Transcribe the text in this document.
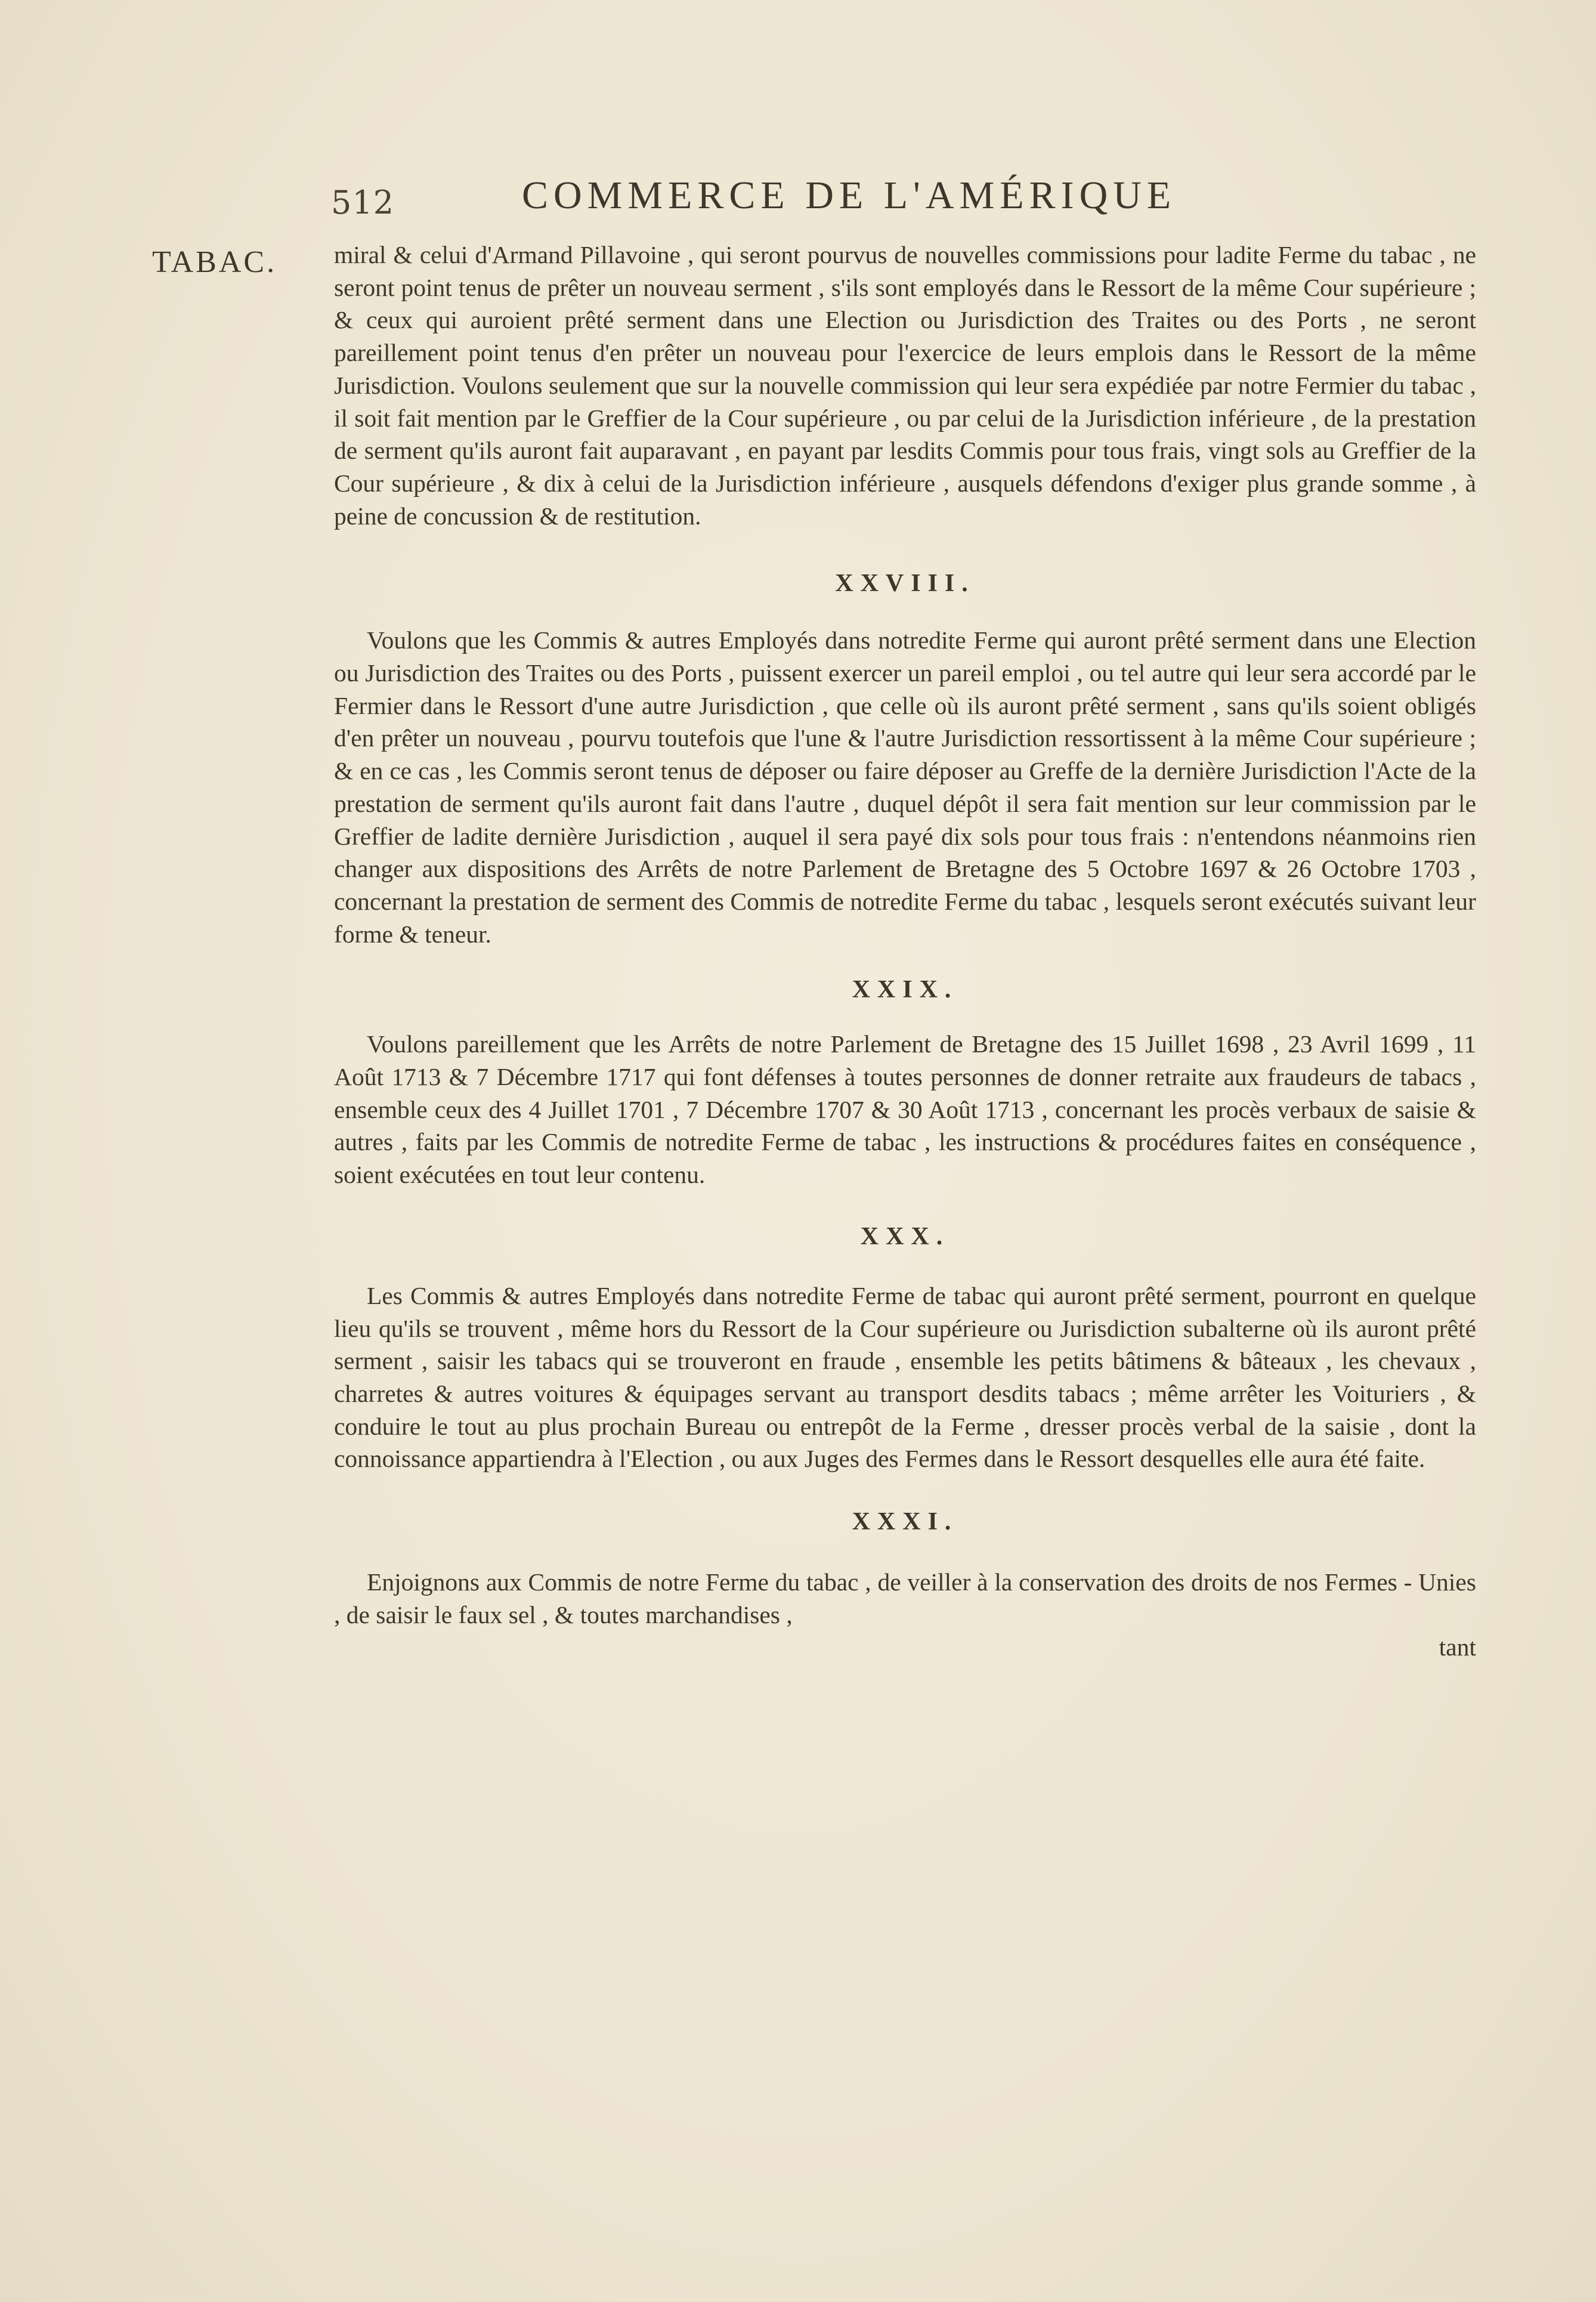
512	COMMERCE DE L'AMÉRIQUE
TABAC. miral & celui d'Armand Pillavoine , qui seront pourvus de nouvelles commissions pour ladite Ferme du tabac , ne seront point tenus de prêter un nouveau serment , s'ils sont employés dans le Ressort de la même Cour supérieure ; & ceux qui auroient prêté serment dans une Election ou Jurisdiction des Traites ou des Ports , ne seront pareillement point tenus d'en prêter un nouveau pour l'exercice de leurs emplois dans le Ressort de la même Jurisdiction. Voulons seulement que sur la nouvelle commission qui leur sera expédiée par notre Fermier du tabac , il soit fait mention par le Greffier de la Cour supérieure , ou par celui de la Jurisdiction inférieure , de la prestation de serment qu'ils auront fait auparavant , en payant par lesdits Commis pour tous frais, vingt sols au Greffier de la Cour supérieure , & dix à celui de la Jurisdiction inférieure , ausquels défendons d'exiger plus grande somme , à peine de concussion & de restitution.

XXVIII.

Voulons que les Commis & autres Employés dans notredite Ferme qui auront prêté serment dans une Election ou Jurisdiction des Traites ou des Ports , puissent exercer un pareil emploi , ou tel autre qui leur sera accordé par le Fermier dans le Ressort d'une autre Jurisdiction , que celle où ils auront prêté serment , sans qu'ils soient obligés d'en prêter un nouveau , pourvu toutefois que l'une & l'autre Jurisdiction ressortissent à la même Cour supérieure ; & en ce cas , les Commis seront tenus de déposer ou faire déposer au Greffe de la dernière Jurisdiction l'Acte de la prestation de serment qu'ils auront fait dans l'autre , duquel dépôt il sera fait mention sur leur commission par le Greffier de ladite dernière Jurisdiction , auquel il sera payé dix sols pour tous frais : n'entendons néanmoins rien changer aux dispositions des Arrêts de notre Parlement de Bretagne des 5 Octobre 1697 & 26 Octobre 1703 , concernant la prestation de serment des Commis de notredite Ferme du tabac , lesquels seront exécutés suivant leur forme & teneur.

XXIX.

Voulons pareillement que les Arrêts de notre Parlement de Bretagne des 15 Juillet 1698 , 23 Avril 1699 , 11 Août 1713 & 7 Décembre 1717 qui font défenses à toutes personnes de donner retraite aux fraudeurs de tabacs , ensemble ceux des 4 Juillet 1701 , 7 Décembre 1707 & 30 Août 1713 , concernant les procès verbaux de saisie & autres , faits par les Commis de notredite Ferme de tabac , les instructions & procédures faites en conséquence , soient exécutées en tout leur contenu.

XXX.

Les Commis & autres Employés dans notredite Ferme de tabac qui auront prêté serment, pourront en quelque lieu qu'ils se trouvent , même hors du Ressort de la Cour supérieure ou Jurisdiction subalterne où ils auront prêté serment , saisir les tabacs qui se trouveront en fraude , ensemble les petits bâtimens & bâteaux , les chevaux , charretes & autres voitures & équipages servant au transport desdits tabacs ; même arrêter les Voituriers , & conduire le tout au plus prochain Bureau ou entrepôt de la Ferme , dresser procès verbal de la saisie , dont la connoissance appartiendra à l'Election , ou aux Juges des Fermes dans le Ressort desquelles elle aura été faite.

XXXI.

Enjoignons aux Commis de notre Ferme du tabac , de veiller à la conservation des droits de nos Fermes - Unies , de saisir le faux sel , & toutes marchandises ,

tant
